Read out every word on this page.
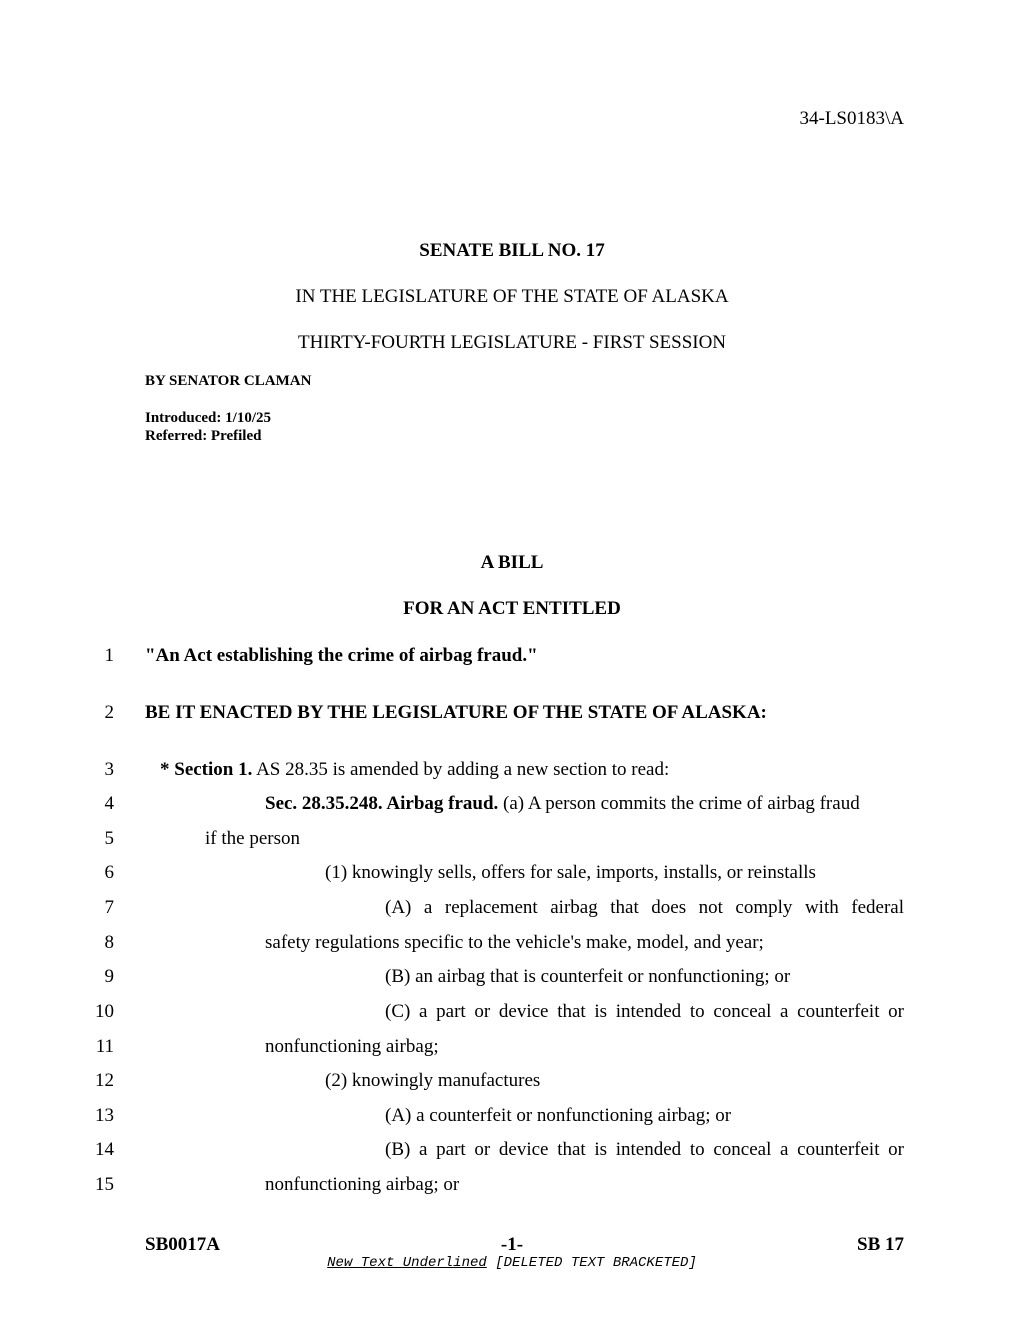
34-LS0183\A
SENATE BILL NO. 17
IN THE LEGISLATURE OF THE STATE OF ALASKA
THIRTY-FOURTH LEGISLATURE - FIRST SESSION
BY SENATOR CLAMAN
Introduced: 1/10/25
Referred: Prefiled
A BILL
FOR AN ACT ENTITLED
1
2
3
4
5
6
7
8
9
10
11
12
13
14
15
"An Act establishing the crime of airbag fraud."
BE IT ENACTED BY THE LEGISLATURE OF THE STATE OF ALASKA:
* Section 1. AS 28.35 is amended by adding a new section to read:
Sec. 28.35.248. Airbag fraud. (a) A person commits the crime of airbag fraud
if the person
(1) knowingly sells, offers for sale, imports, installs, or reinstalls
(A) a replacement airbag that does not comply with federal
safety regulations specific to the vehicle's make, model, and year;
(B) an airbag that is counterfeit or nonfunctioning; or
(C) a part or device that is intended to conceal a counterfeit or
nonfunctioning airbag;
(2) knowingly manufactures
(A) a counterfeit or nonfunctioning airbag; or
(B) a part or device that is intended to conceal a counterfeit or
nonfunctioning airbag; or
SB0017A	-1-	SB 17
New Text Underlined [DELETED TEXT BRACKETED]
